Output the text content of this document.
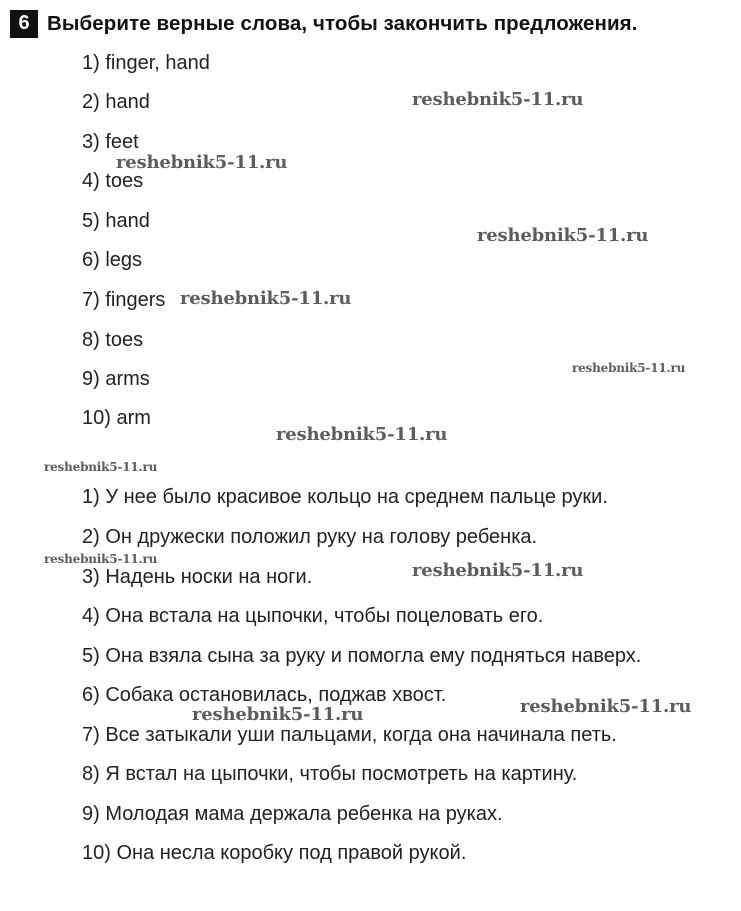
6 Выберите верные слова, чтобы закончить предложения.
1) finger, hand
2) hand
3) feet
4) toes
5) hand
6) legs
7) fingers
8) toes
9) arms
10) arm
1) У нее было красивое кольцо на среднем пальце руки.
2) Он дружески положил руку на голову ребенка.
3) Надень носки на ноги.
4) Она встала на цыпочки, чтобы поцеловать его.
5) Она взяла сына за руку и помогла ему подняться наверх.
6) Собака остановилась, поджав хвост.
7) Все затыкали уши пальцами, когда она начинала петь.
8) Я встал на цыпочки, чтобы посмотреть на картину.
9) Молодая мама держала ребенка на руках.
10) Она несла коробку под правой рукой.
reshebnik5-11.ru
reshebnik5-11.ru
reshebnik5-11.ru
reshebnik5-11.ru
reshebnik5-11.ru
reshebnik5-11.ru
reshebnik5-11.ru
reshebnik5-11.ru
reshebnik5-11.ru
reshebnik5-11.ru
reshebnik5-11.ru
